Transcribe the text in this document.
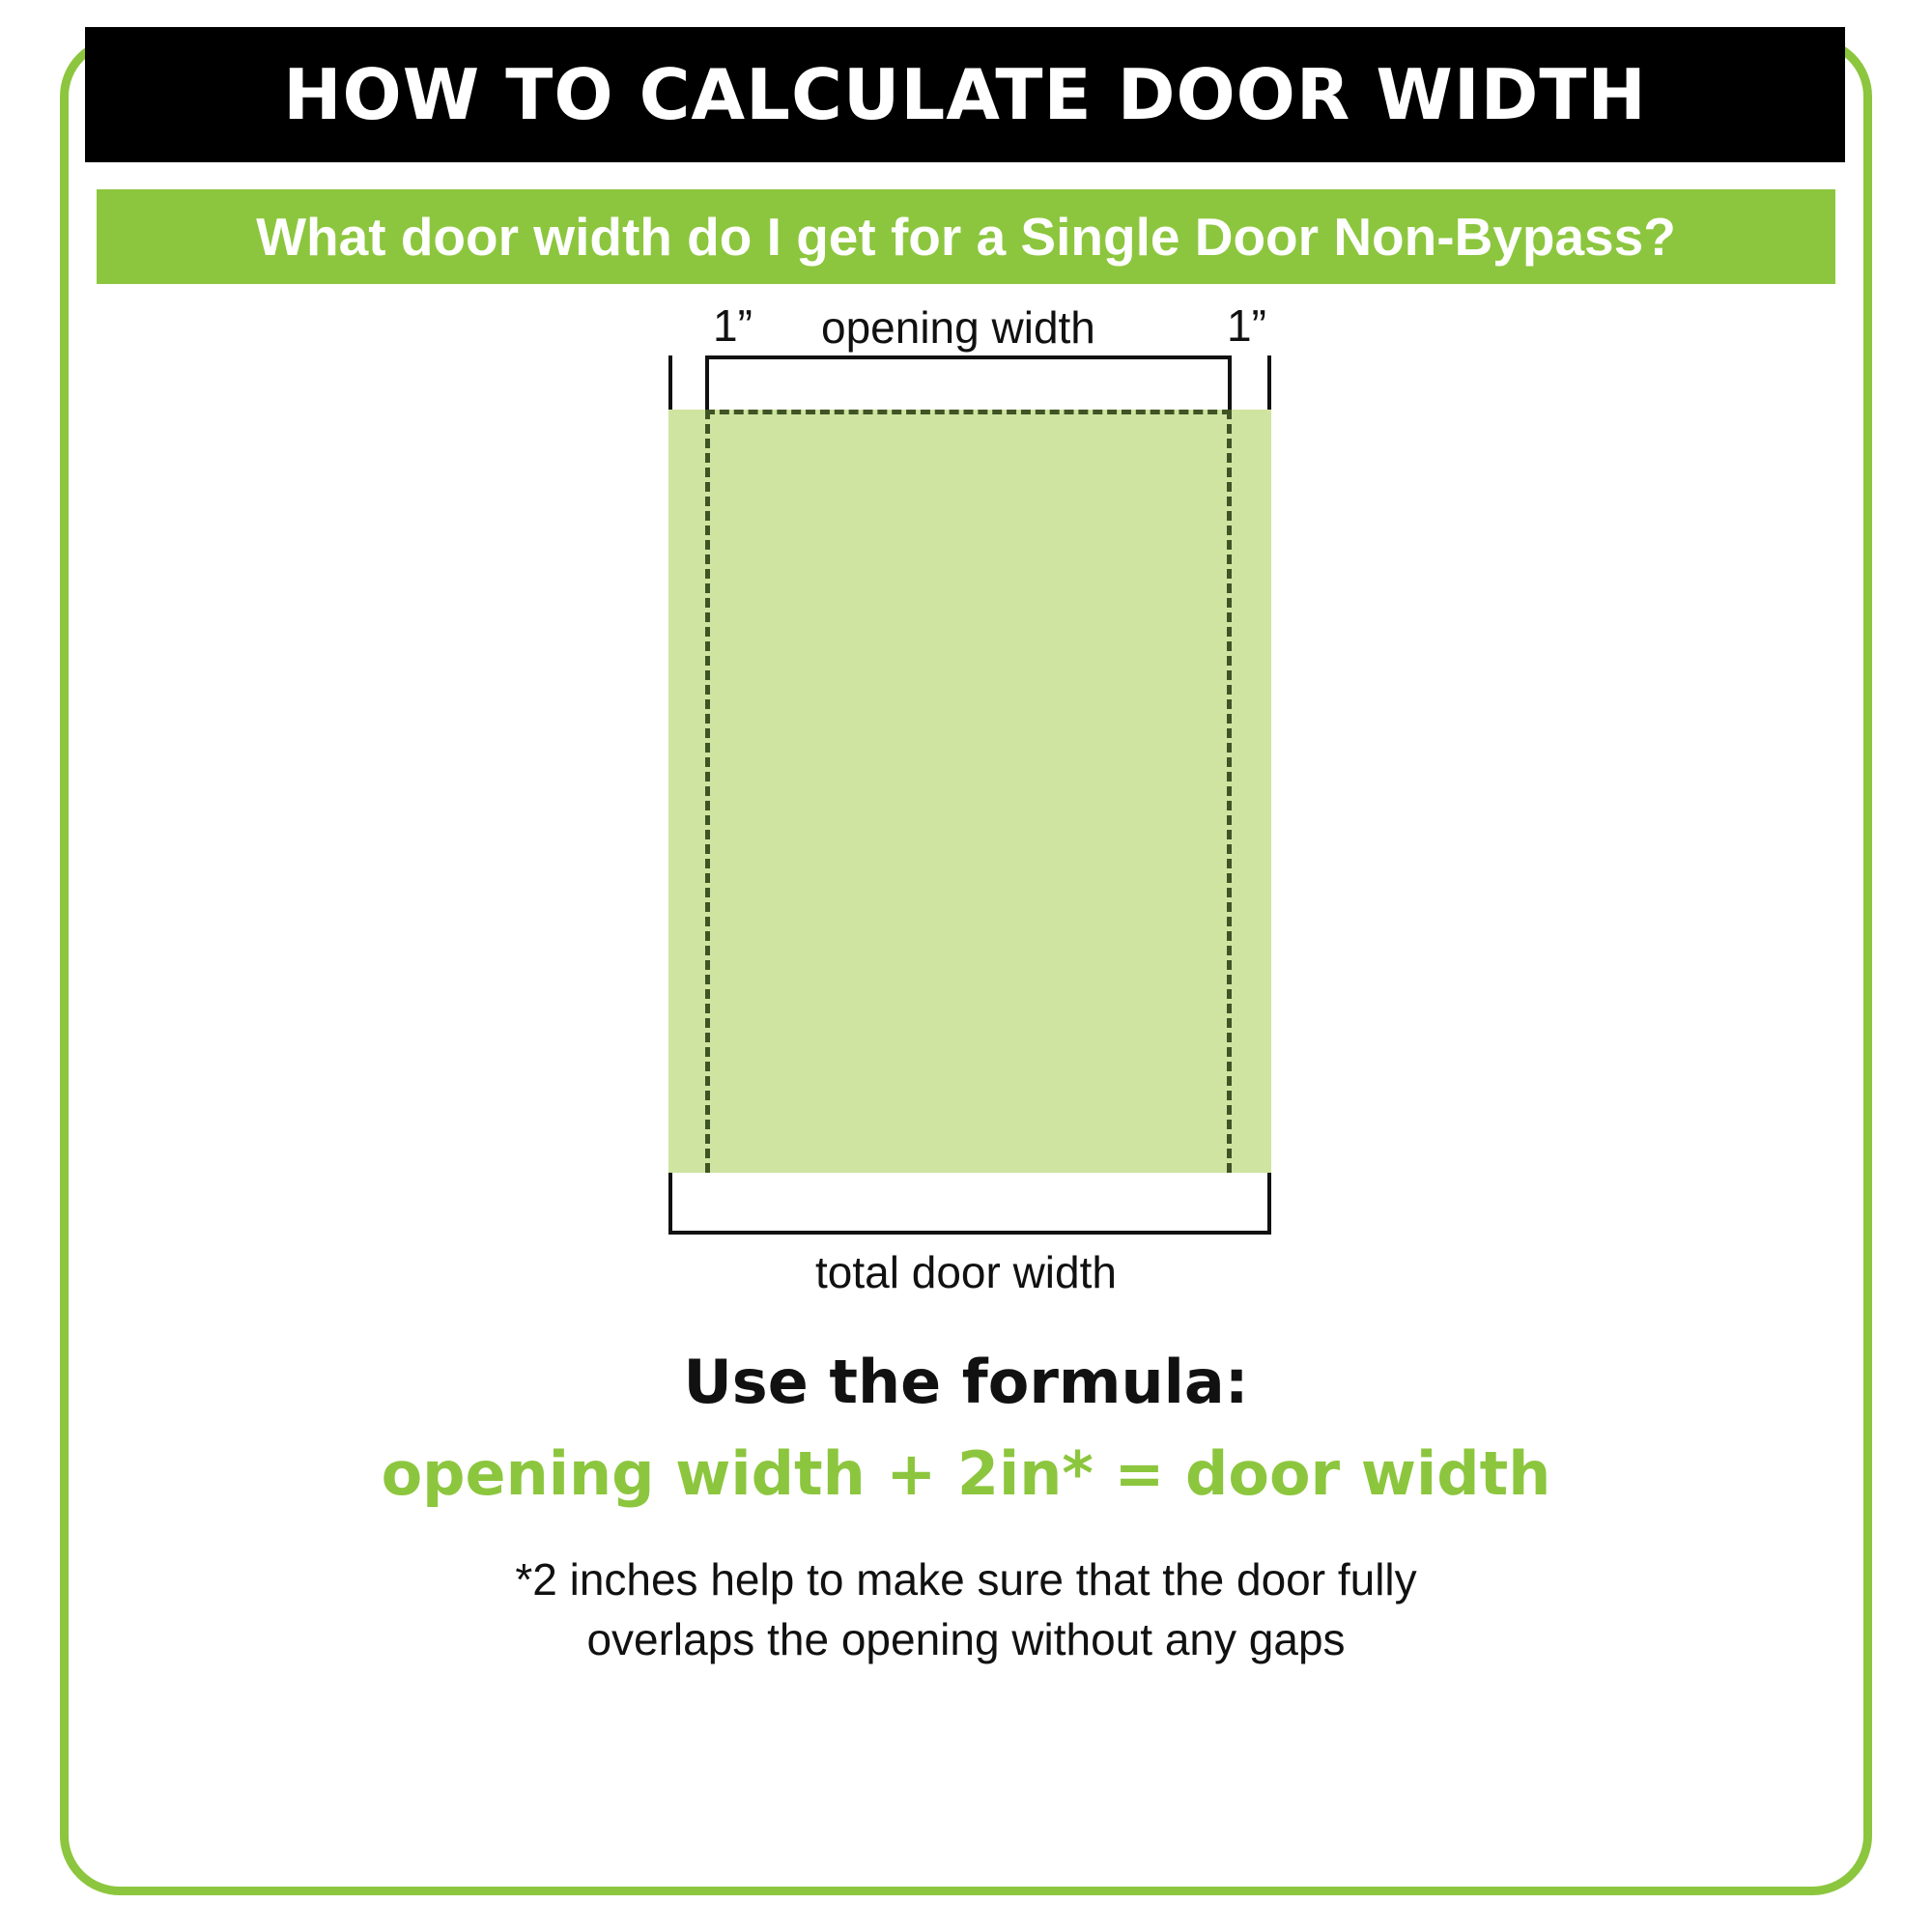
HOW TO CALCULATE DOOR WIDTH
What door width do I get for a Single Door Non-Bypass?
1” opening width	1”
total door width
Use the formula:
opening width + 2in* = door width
*2 inches help to make sure that the door fully
overlaps the opening without any gaps
